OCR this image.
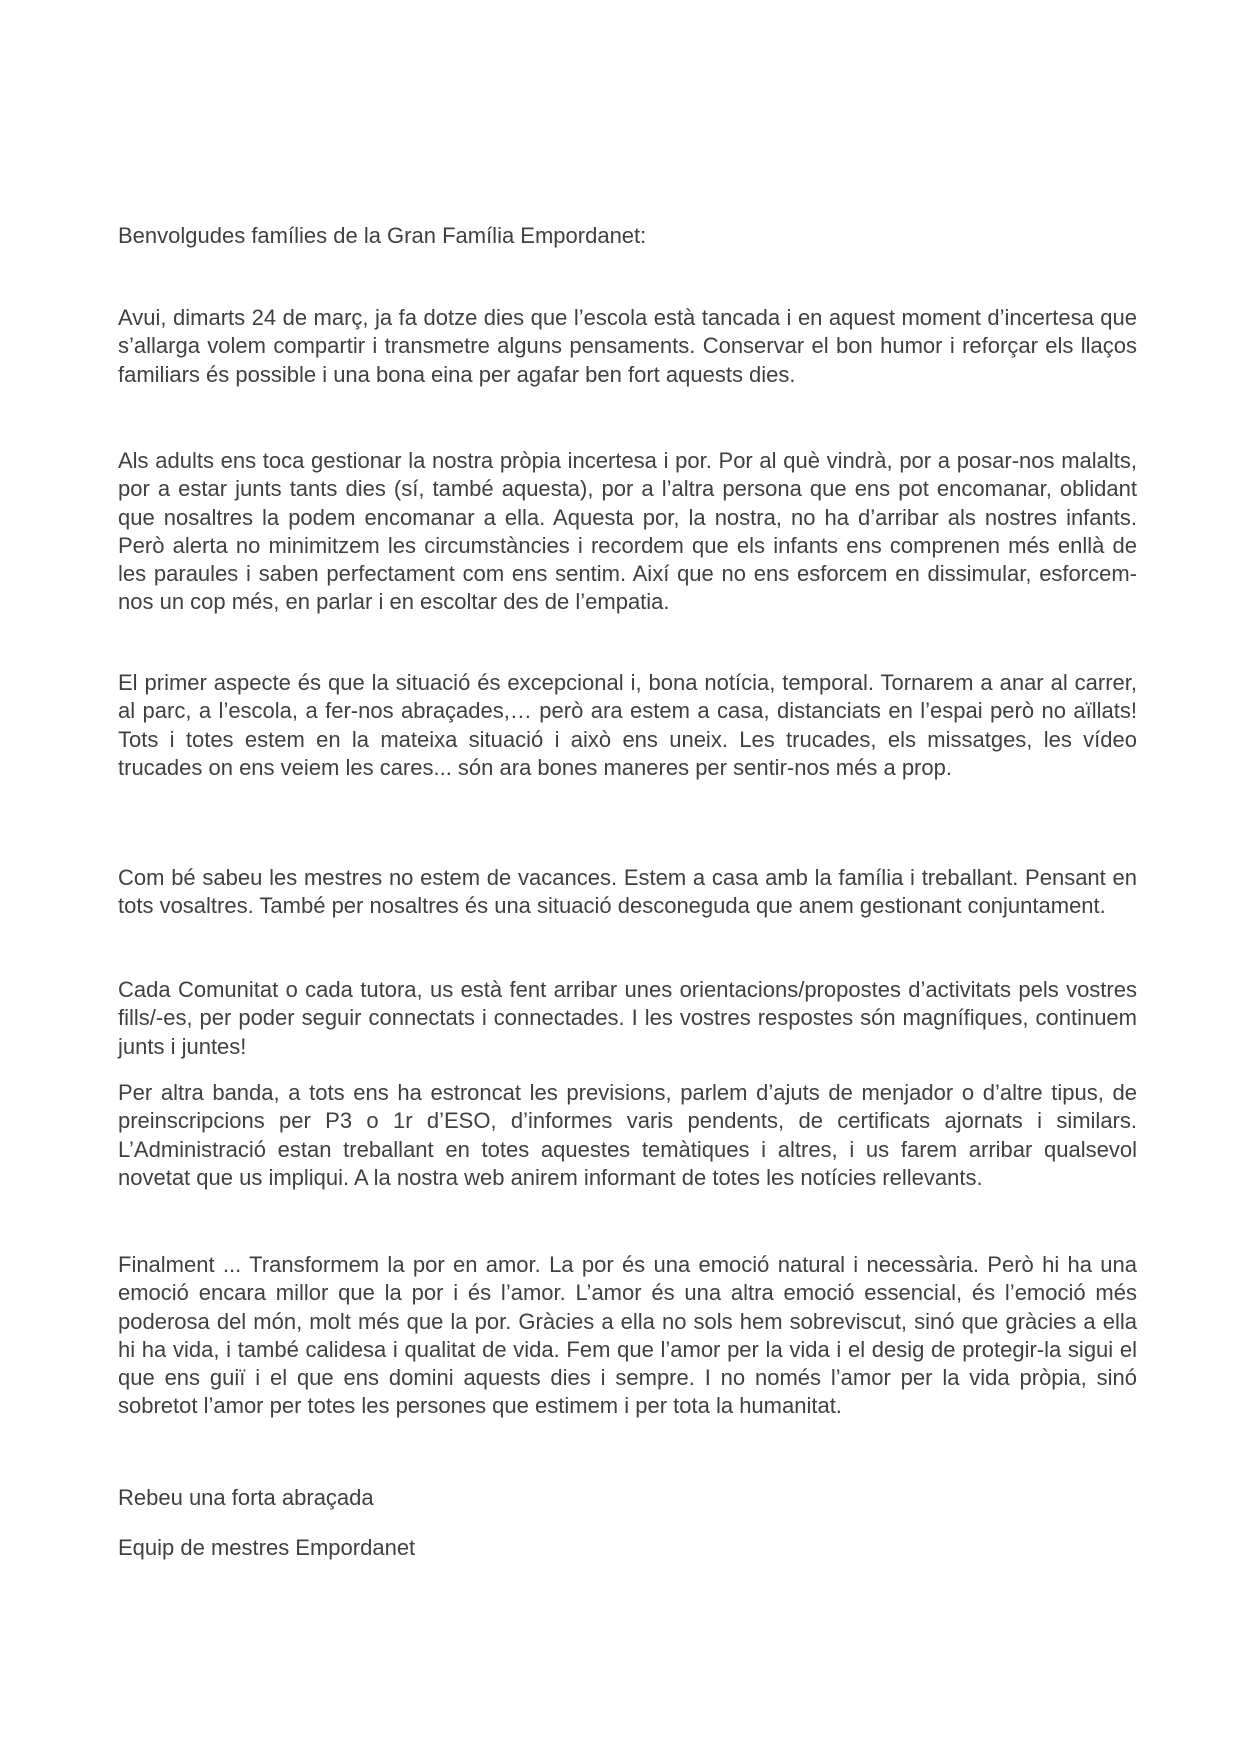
Benvolgudes famílies de la Gran Família Empordanet:

Avui, dimarts 24 de març, ja fa dotze dies que l’escola està tancada i en aquest moment d’incertesa que s’allarga volem compartir i transmetre alguns pensaments. Conservar el bon humor i reforçar els llaços familiars és possible i una bona eina per agafar ben fort aquests dies.

Als adults ens toca gestionar la nostra pròpia incertesa i por. Por al què vindrà, por a posar-nos malalts, por a estar junts tants dies (sí, també aquesta), por a l’altra persona que ens pot encomanar, oblidant que nosaltres la podem encomanar a ella. Aquesta por, la nostra, no ha d’arribar als nostres infants. Però alerta no minimitzem les circumstàncies i recordem que els infants ens comprenen més enllà de les paraules i saben perfectament com ens sentim. Així que no ens esforcem en dissimular, esforcem-nos un cop més, en parlar i en escoltar des de l’empatia.

El primer aspecte és que la situació és excepcional i, bona notícia, temporal. Tornarem a anar al carrer, al parc, a l’escola, a fer-nos abraçades,… però ara estem a casa, distanciats en l’espai però no aïllats! Tots i totes estem en la mateixa situació i això ens uneix. Les trucades, els missatges, les vídeo trucades on ens veiem les cares... són ara bones maneres per sentir-nos més a prop.

Com bé sabeu les mestres no estem de vacances. Estem a casa amb la família i treballant. Pensant en tots vosaltres. També per nosaltres és una situació desconeguda que anem gestionant conjuntament.

Cada Comunitat o cada tutora, us està fent arribar unes orientacions/propostes d’activitats pels vostres fills/-es, per poder seguir connectats i connectades. I les vostres respostes són magnífiques, continuem junts i juntes!

Per altra banda, a tots ens ha estroncat les previsions, parlem d’ajuts de menjador o d’altre tipus, de preinscripcions per P3 o 1r d’ESO, d’informes varis pendents, de certificats ajornats i similars. L’Administració estan treballant en totes aquestes temàtiques i altres, i us farem arribar qualsevol novetat que us impliqui. A la nostra web anirem informant de totes les notícies rellevants.

Finalment ... Transformem la por en amor. La por és una emoció natural i necessària. Però hi ha una emoció encara millor que la por i és l’amor. L’amor és una altra emoció essencial, és l’emoció més poderosa del món, molt més que la por. Gràcies a ella no sols hem sobreviscut, sinó que gràcies a ella hi ha vida, i també calidesa i qualitat de vida. Fem que l’amor per la vida i el desig de protegir-la sigui el que ens guiï i el que ens domini aquests dies i sempre. I no només l’amor per la vida pròpia, sinó sobretot l’amor per totes les persones que estimem i per tota la humanitat.

Rebeu una forta abraçada

Equip de mestres Empordanet
